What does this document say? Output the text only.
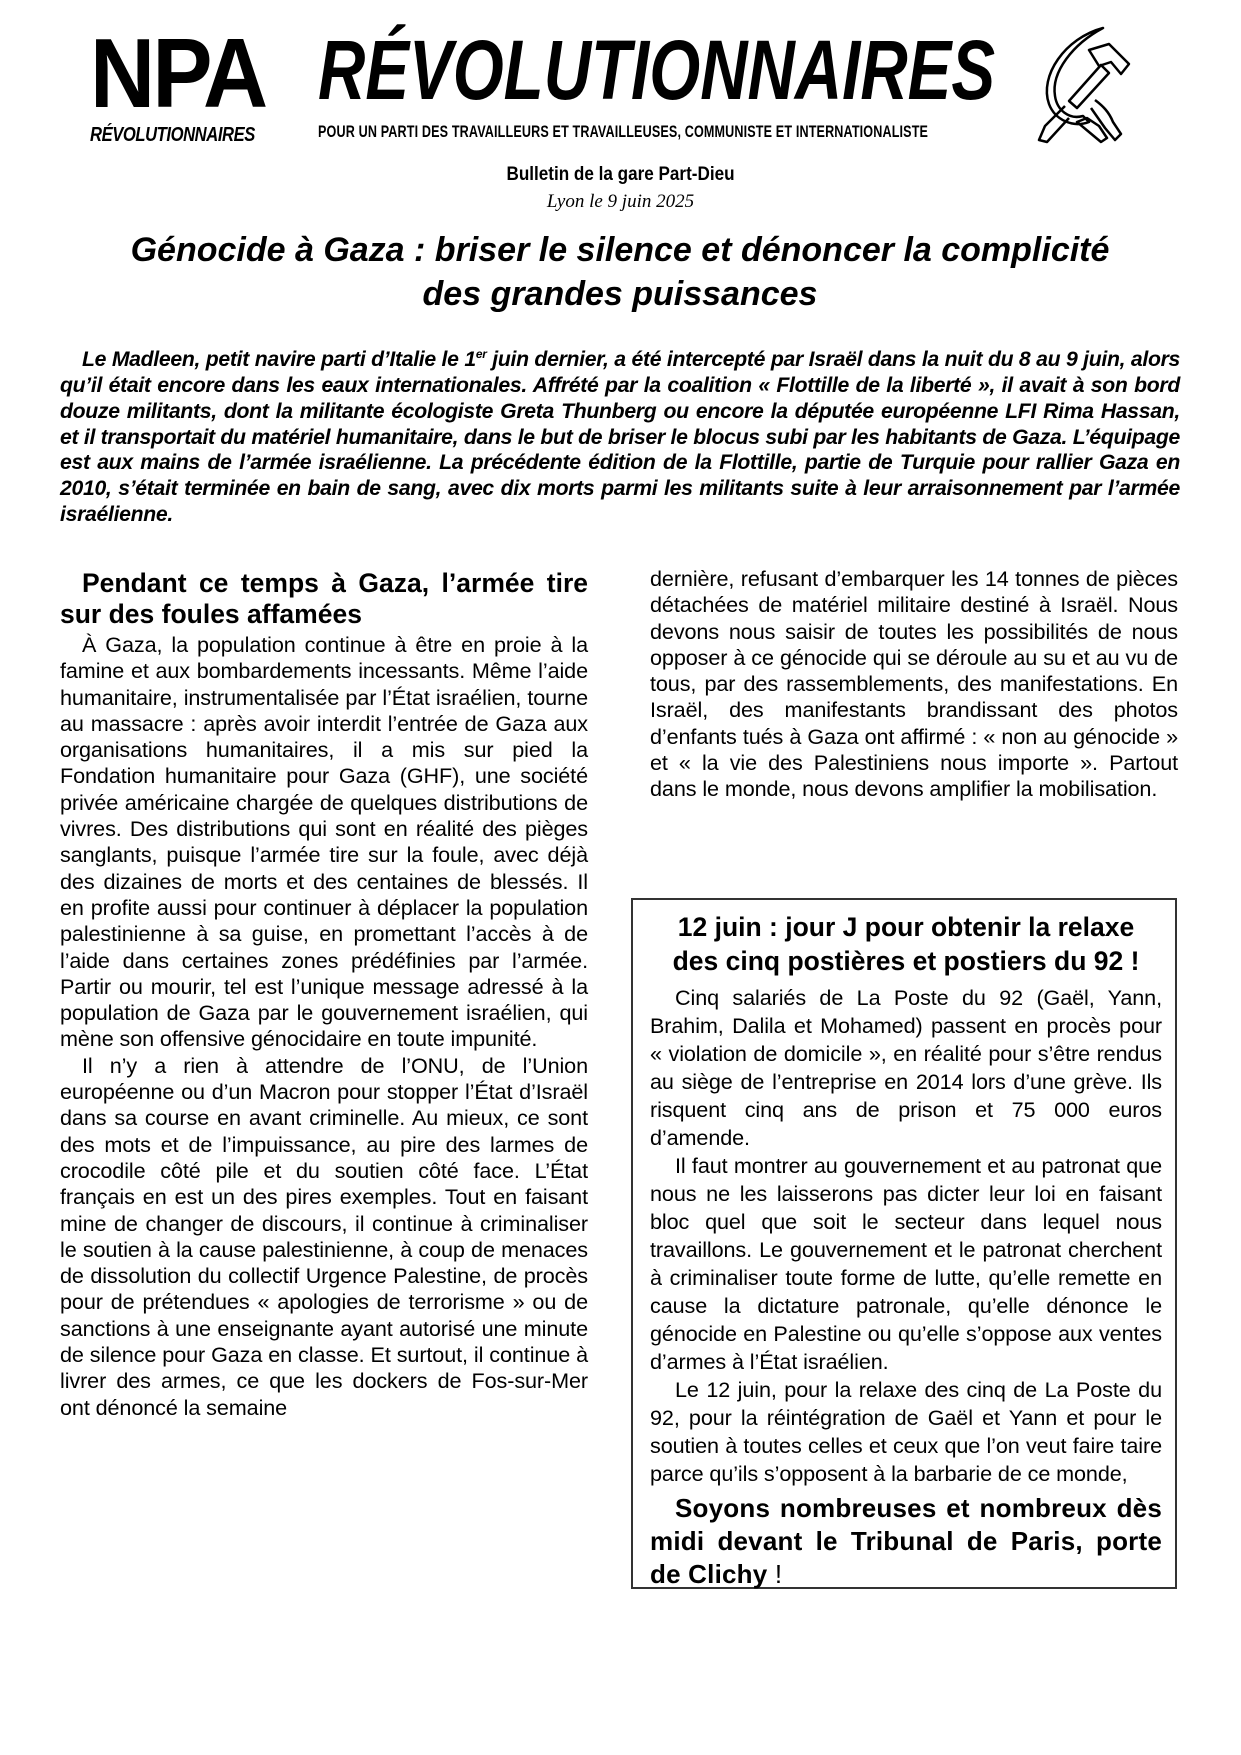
NPA
RÉVOLUTIONNAIRES
RÉVOLUTIONNAIRES
POUR UN PARTI DES TRAVAILLEURS ET TRAVAILLEUSES, COMMUNISTE ET INTERNATIONALISTE
Bulletin de la gare Part-Dieu
Lyon le 9 juin 2025
Génocide à Gaza : briser le silence et dénoncer la complicité
des grandes puissances

Le Madleen, petit navire parti d’Italie le 1er juin dernier, a été intercepté par Israël dans la nuit du 8 au 9 juin, alors qu’il était encore dans les eaux internationales. Affrété par la coalition « Flottille de la liberté », il avait à son bord douze militants, dont la militante écologiste Greta Thunberg ou encore la députée européenne LFI Rima Hassan, et il transportait du matériel humanitaire, dans le but de briser le blocus subi par les habitants de Gaza. L’équipage est aux mains de l’armée israélienne. La précédente édition de la Flottille, partie de Turquie pour rallier Gaza en 2010, s’était terminée en bain de sang, avec dix morts parmi les militants suite à leur arraisonnement par l’armée israélienne.

Pendant ce temps à Gaza, l’armée tire sur des foules affamées

À Gaza, la population continue à être en proie à la famine et aux bombardements incessants. Même l’aide humanitaire, instrumentalisée par l’État israélien, tourne au massacre : après avoir interdit l’entrée de Gaza aux organisations humanitaires, il a mis sur pied la Fondation humanitaire pour Gaza (GHF), une société privée américaine chargée de quelques distributions de vivres. Des distributions qui sont en réalité des pièges sanglants, puisque l’armée tire sur la foule, avec déjà des dizaines de morts et des centaines de blessés. Il en profite aussi pour continuer à déplacer la population palestinienne à sa guise, en promettant l’accès à de l’aide dans certaines zones prédéfinies par l’armée. Partir ou mourir, tel est l’unique message adressé à la population de Gaza par le gouvernement israélien, qui mène son offensive génocidaire en toute impunité.

Il n’y a rien à attendre de l’ONU, de l’Union européenne ou d’un Macron pour stopper l’État d’Israël dans sa course en avant criminelle. Au mieux, ce sont des mots et de l’impuissance, au pire des larmes de crocodile côté pile et du soutien côté face. L’État français en est un des pires exemples. Tout en faisant mine de changer de discours, il continue à criminaliser le soutien à la cause palestinienne, à coup de menaces de dissolution du collectif Urgence Palestine, de procès pour de prétendues « apologies de terrorisme » ou de sanctions à une enseignante ayant autorisé une minute de silence pour Gaza en classe. Et surtout, il continue à livrer des armes, ce que les dockers de Fos-sur-Mer ont dénoncé la semaine

dernière, refusant d’embarquer les 14 tonnes de pièces détachées de matériel militaire destiné à Israël. Nous devons nous saisir de toutes les possibilités de nous opposer à ce génocide qui se déroule au su et au vu de tous, par des rassemblements, des manifestations. En Israël, des manifestants brandissant des photos d’enfants tués à Gaza ont affirmé : « non au génocide » et « la vie des Palestiniens nous importe ». Partout dans le monde, nous devons amplifier la mobilisation.

12 juin : jour J pour obtenir la relaxe
des cinq postières et postiers du 92 !

Cinq salariés de La Poste du 92 (Gaël, Yann, Brahim, Dalila et Mohamed) passent en procès pour « violation de domicile », en réalité pour s’être rendus au siège de l’entreprise en 2014 lors d’une grève. Ils risquent cinq ans de prison et 75 000 euros d’amende.

Il faut montrer au gouvernement et au patronat que nous ne les laisserons pas dicter leur loi en faisant bloc quel que soit le secteur dans lequel nous travaillons. Le gouvernement et le patronat cherchent à criminaliser toute forme de lutte, qu’elle remette en cause la dictature patronale, qu’elle dénonce le génocide en Palestine ou qu’elle s’oppose aux ventes d’armes à l’État israélien.

Le 12 juin, pour la relaxe des cinq de La Poste du 92, pour la réintégration de Gaël et Yann et pour le soutien à toutes celles et ceux que l’on veut faire taire parce qu’ils s’opposent à la barbarie de ce monde,

Soyons nombreuses et nombreux dès midi devant le Tribunal de Paris, porte de Clichy !
